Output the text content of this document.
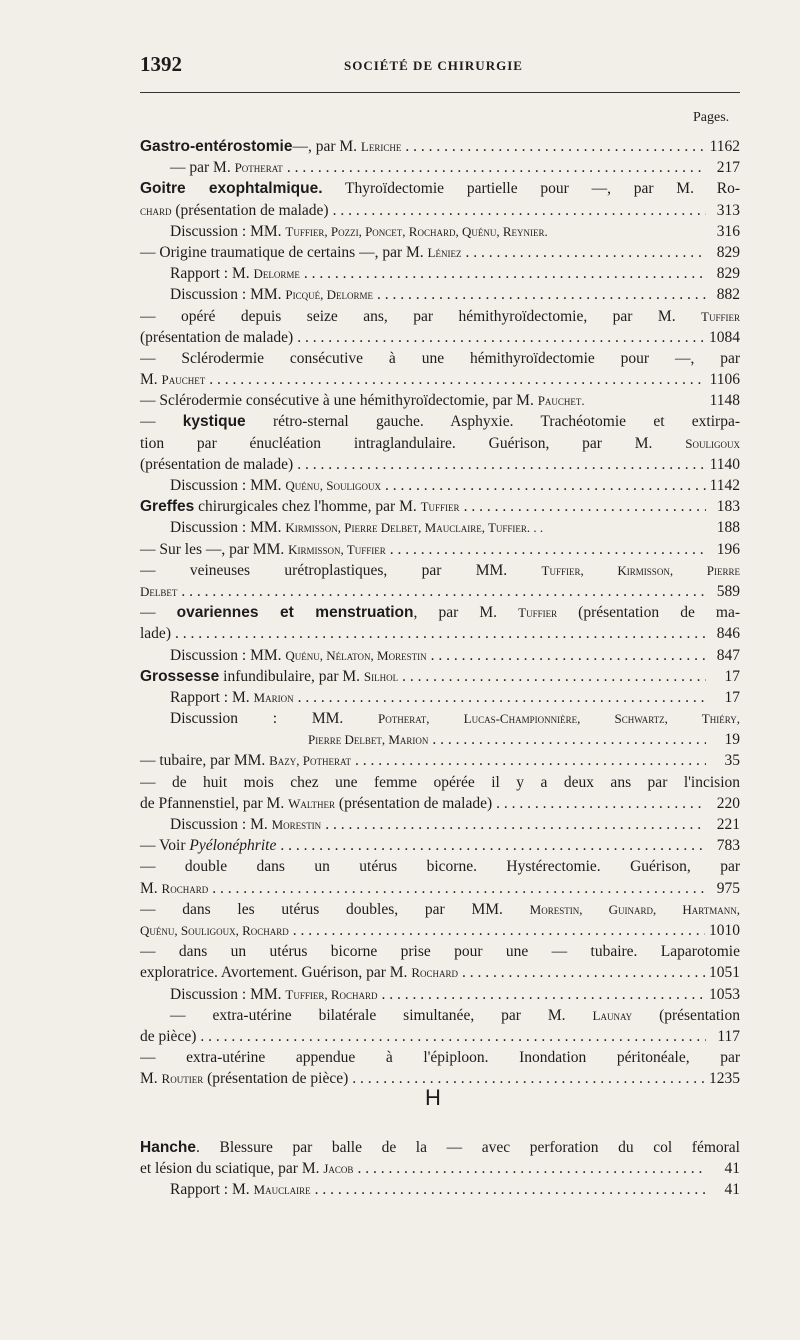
1392	SOCIÉTÉ DE CHIRURGIE
Pages.
Gastro-entérostomie—, par M. Leriche . . .	1162
— par M. Potherat . . .	217
Goitre exophtalmique. Thyroïdectomie partielle pour —, par M. Ro-
chard (présentation de malade) . . .	313
Discussion : MM. Tuffier, Pozzi, Poncet, Rochard, Quénu, Reynier.	316
— Origine traumatique de certains —, par M. Léniez . . .	829
Rapport : M. Delorme . . .	829
Discussion : MM. Picqué, Delorme . . .	882
— opéré depuis seize ans, par hémithyroïdectomie, par M. Tuffier
(présentation de malade) . . .	1084
— Sclérodermie consécutive à une hémithyroïdectomie pour —, par
M. Pauchet . . .	1106
— Sclérodermie consécutive à une hémithyroïdectomie, par M. Pauchet.	1148
— kystique rétro-sternal gauche. Asphyxie. Trachéotomie et extirpa-
tion par énucléation intraglandulaire. Guérison, par M. Souligoux
(présentation de malade) . . .	1140
Discussion : MM. Quénu, Souligoux . . .	1142
Greffes chirurgicales chez l'homme, par M. Tuffier . . .	183
Discussion : MM. Kirmisson, Pierre Delbet, Mauclaire, Tuffier. . .	188
— Sur les —, par MM. Kirmisson, Tuffier . . .	196
— veineuses urétroplastiques, par MM. Tuffier, Kirmisson, Pierre
Delbet . . .	589
— ovariennes et menstruation, par M. Tuffier (présentation de ma-
lade) . . .	846
Discussion : MM. Quénu, Nélaton, Morestin . . .	847
Grossesse infundibulaire, par M. Silhol . . .	17
Rapport : M. Marion . . .	17
Discussion : MM. Potherat, Lucas-Championnière, Schwartz, Thiéry,
Pierre Delbet, Marion . . .	19
— tubaire, par MM. Bazy, Potherat . . .	35
— de huit mois chez une femme opérée il y a deux ans par l'incision
de Pfannenstiel, par M. Walther (présentation de malade) . . .	220
Discussion : M. Morestin . . .	221
— Voir Pyélonéphrite . . .	783
— double dans un utérus bicorne. Hystérectomie. Guérison, par
M. Rochard . . .	975
— dans les utérus doubles, par MM. Morestin, Guinard, Hartmann,
Quénu, Souligoux, Rochard . . .	1010
— dans un utérus bicorne prise pour une — tubaire. Laparotomie
exploratrice. Avortement. Guérison, par M. Rochard . . .	1051
Discussion : MM. Tuffier, Rochard . . .	1053
— extra-utérine bilatérale simultanée, par M. Launay (présentation
de pièce) . . .	117
— extra-utérine appendue à l'épiploon. Inondation péritonéale, par
M. Routier (présentation de pièce) . . .	1235
H
Hanche. Blessure par balle de la — avec perforation du col fémoral
et lésion du sciatique, par M. Jacob . . .	41
Rapport : M. Mauclaire . . .	41
